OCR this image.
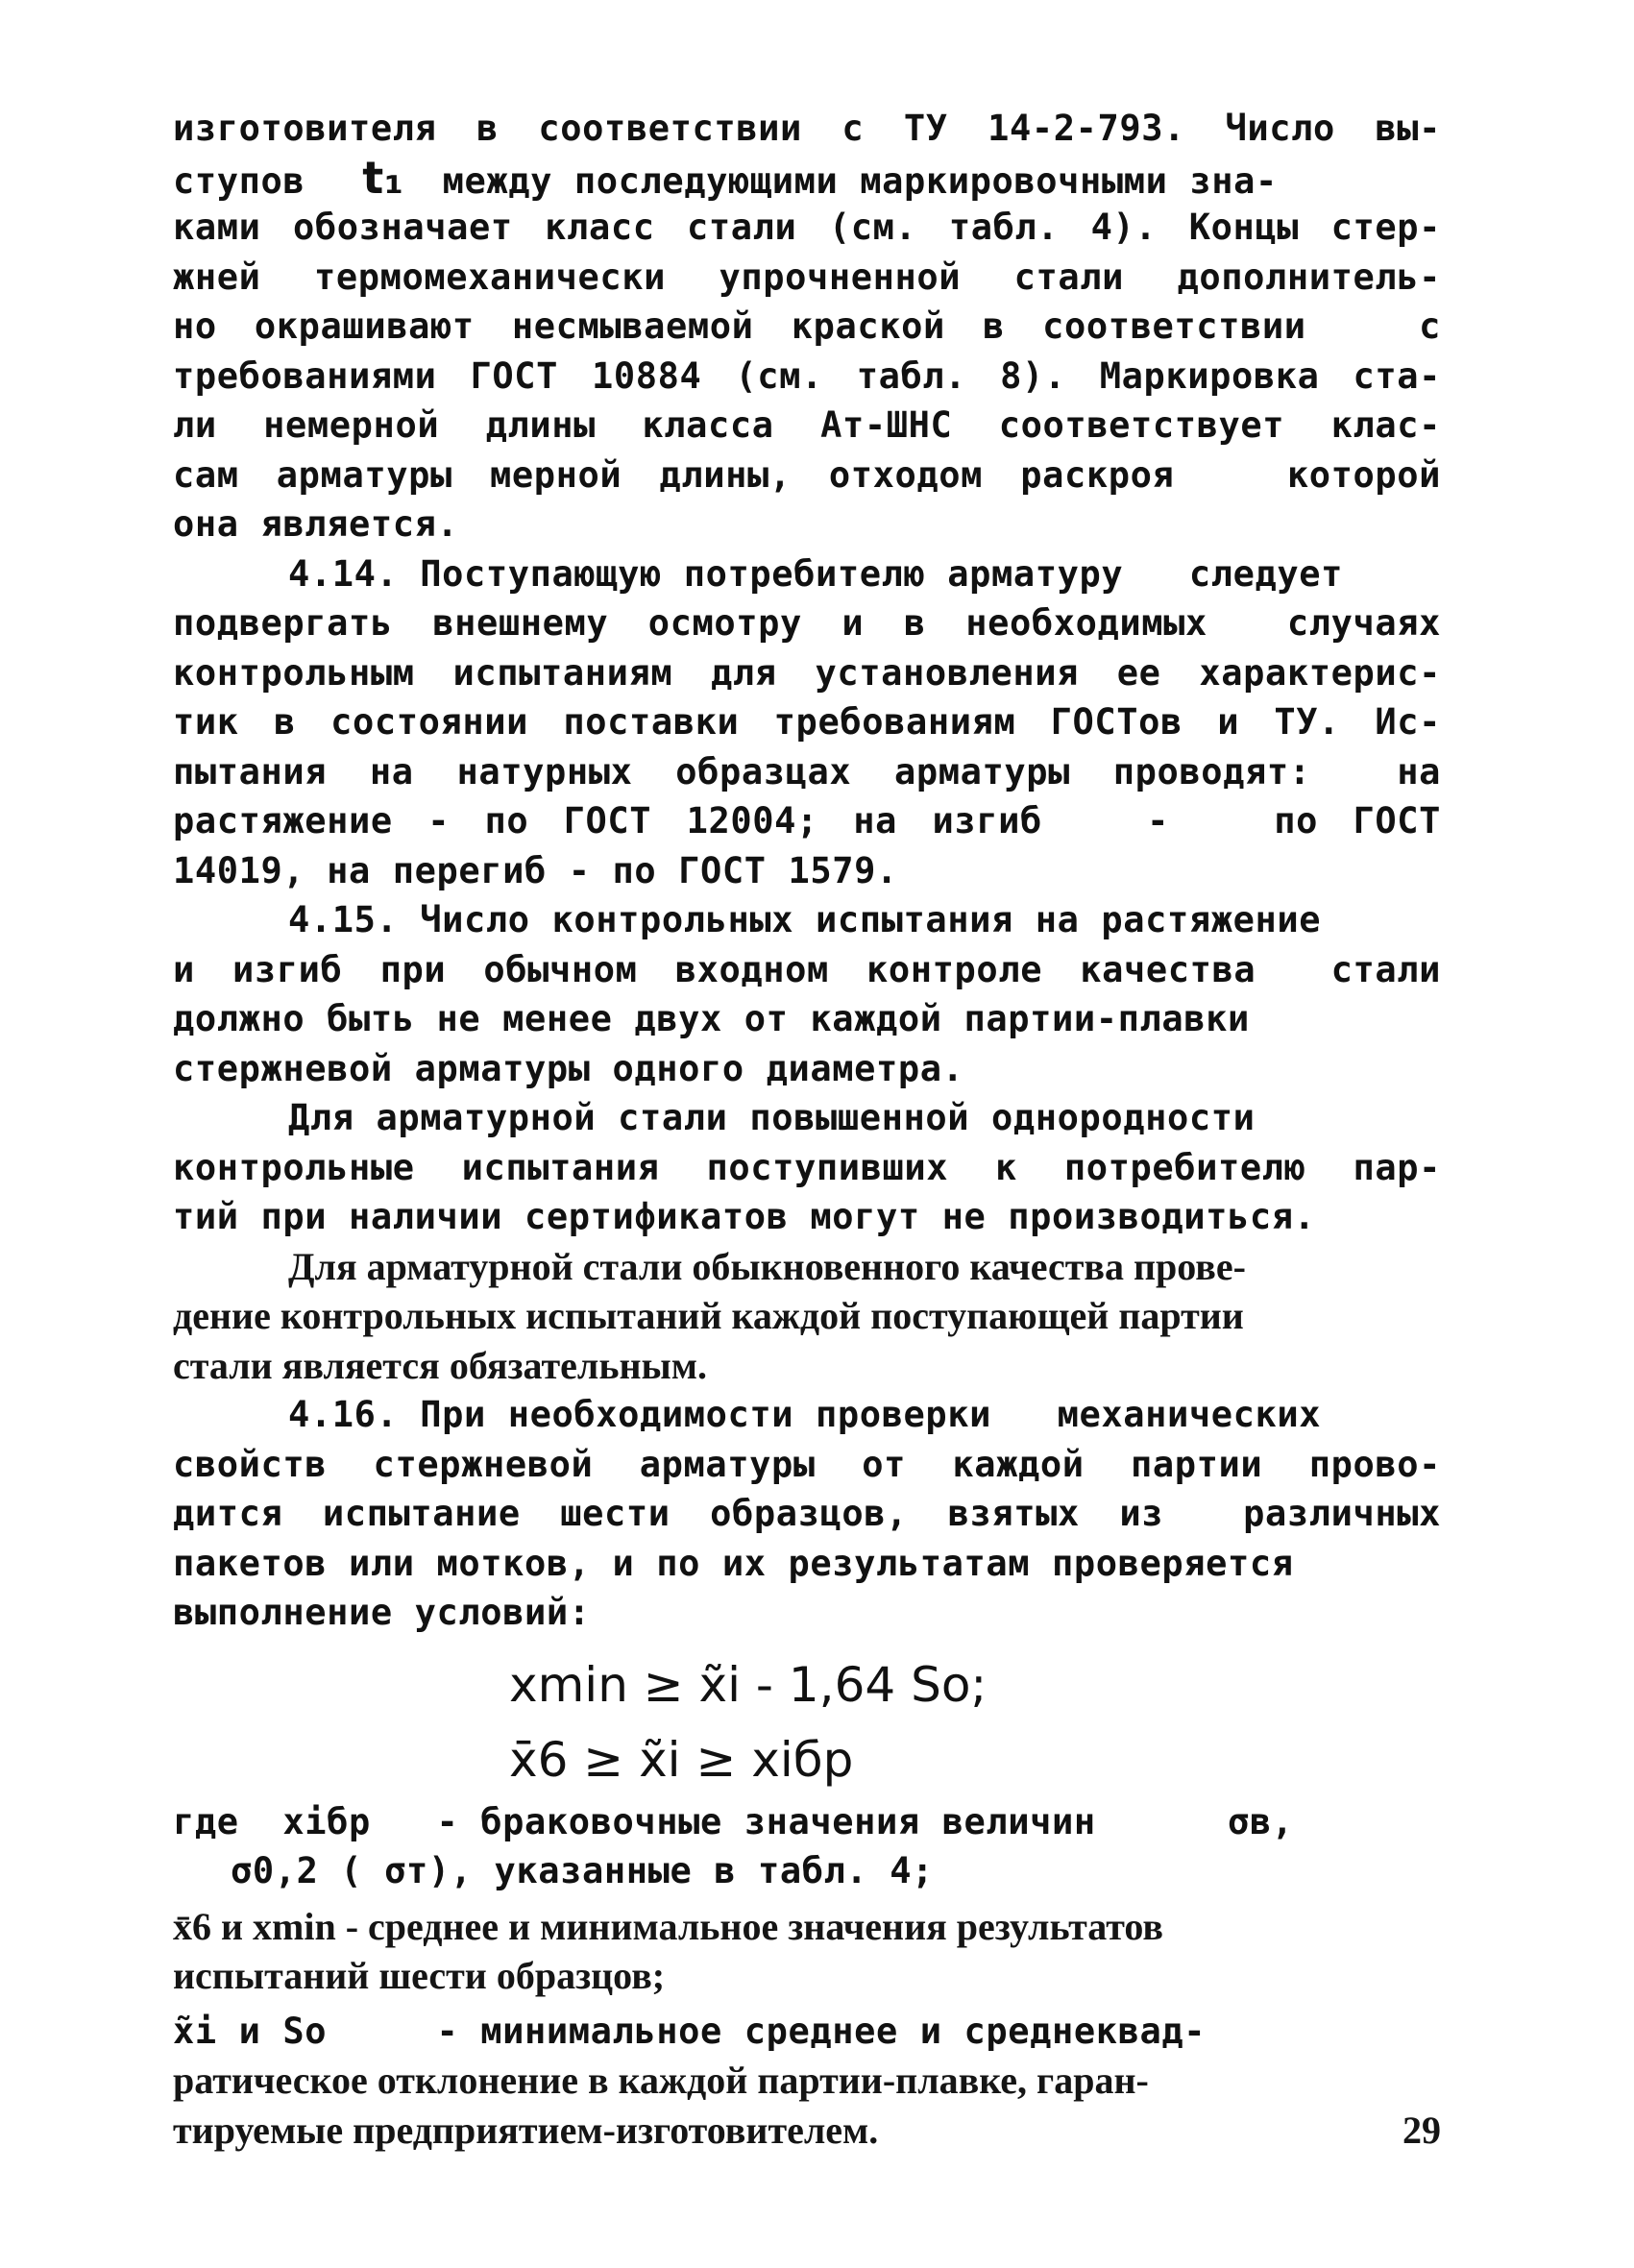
изготовителя в соответствии с ТУ 14-2-793. Число вы-
ступов t₁ между последующими маркировочными зна-
ками обозначает класс стали (см. табл. 4). Концы стер-
жней термомеханически упрочненной стали дополнитель-
но окрашивают несмываемой краской в соответствии   с
требованиями ГОСТ 10884 (см. табл. 8). Маркировка ста-
ли немерной длины класса Ат-ШНС соответствует клас-
сам арматуры мерной длины, отходом раскроя   которой
она является.
4.14. Поступающую потребителю арматуру   следует
подвергать внешнему осмотру и в необходимых  случаях
контрольным испытаниям для установления ее характерис-
тик в состоянии поставки требованиям ГОСТов и ТУ. Ис-
пытания на натурных образцах арматуры проводят:  на
растяжение - по ГОСТ 12004; на изгиб   -   по ГОСТ
14019, на перегиб - по ГОСТ 1579.
4.15. Число контрольных испытания на растяжение
и изгиб при обычном входном контроле качества  стали
должно быть не менее двух от каждой партии-плавки
стержневой арматуры одного диаметра.
Для арматурной стали повышенной однородности
контрольные испытания поступивших к потребителю пар-
тий при наличии сертификатов могут не производиться.
Для арматурной стали обыкновенного качества прове-
дение контрольных испытаний каждой поступающей партии
стали является обязательным.
4.16. При необходимости проверки   механических
свойств стержневой арматуры от каждой партии прово-
дится испытание шести образцов, взятых из  различных
пакетов или мотков, и по их результатам проверяется
выполнение условий:
xmin ≥ x̃i - 1,64 So;
x̄6 ≥ x̃i ≥ xiбр
где  xiбр   - браковочные значения величин      σв,
σ0,2 ( σт), указанные в табл. 4;
x̄6 и xmin - среднее и минимальное значения результатов
испытаний шести образцов;
x̃i и So     - минимальное среднее и среднеквад-
ратическое отклонение в каждой партии-плавке, гаран-
тируемые предприятием-изготовителем.	29
